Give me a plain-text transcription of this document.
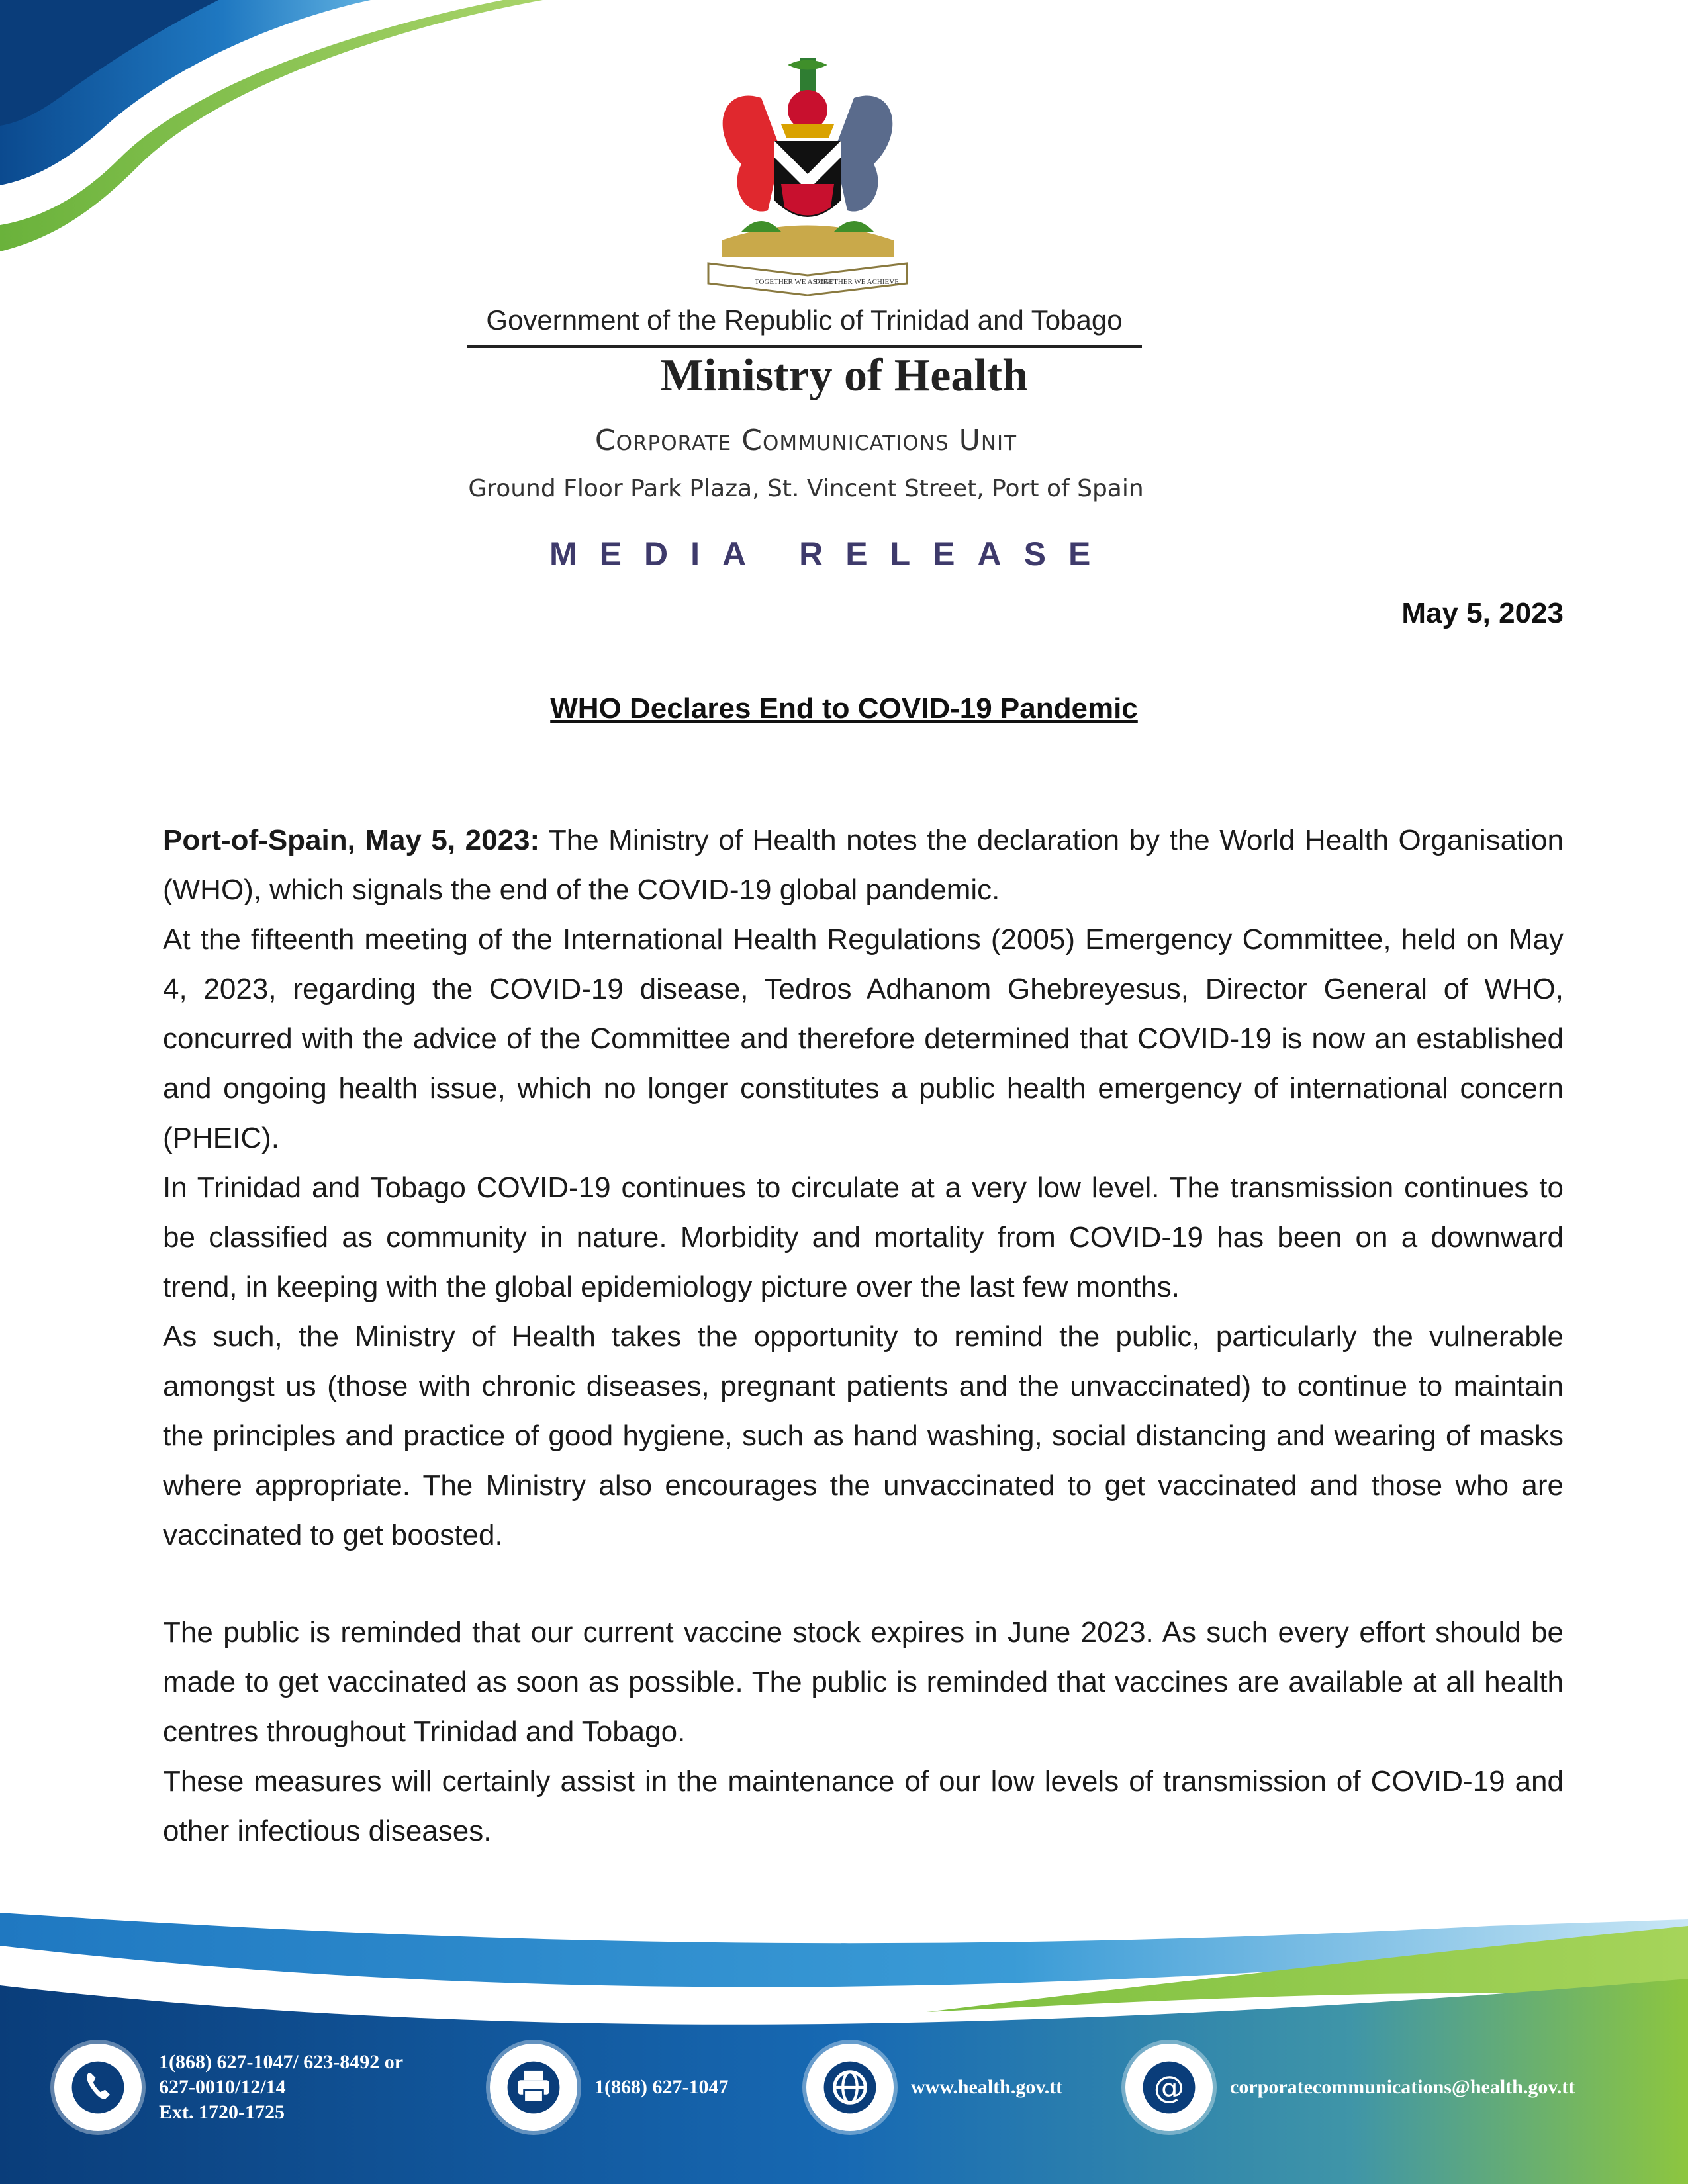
TOGETHER WE ASPIRE
TOGETHER WE ACHIEVE
Government of the Republic of Trinidad and Tobago
Ministry of Health
Corporate Communications Unit
Ground Floor Park Plaza, St. Vincent Street, Port of Spain
MEDIA RELEASE
May 5, 2023
WHO Declares End to COVID-19 Pandemic

Port-of-Spain, May 5, 2023: The Ministry of Health notes the declaration by the World Health Organisation (WHO), which signals the end of the COVID-19 global pandemic.

At the fifteenth meeting of the International Health Regulations (2005) Emergency Committee, held on May 4, 2023, regarding the COVID-19 disease, Tedros Adhanom Ghebreyesus, Director General of WHO, concurred with the advice of the Committee and therefore determined that COVID-19 is now an established and ongoing health issue, which no longer constitutes a public health emergency of international concern (PHEIC).

In Trinidad and Tobago COVID-19 continues to circulate at a very low level. The transmission continues to be classified as community in nature. Morbidity and mortality from COVID-19 has been on a downward trend, in keeping with the global epidemiology picture over the last few months.

As such, the Ministry of Health takes the opportunity to remind the public, particularly the vulnerable amongst us (those with chronic diseases, pregnant patients and the unvaccinated) to continue to maintain the principles and practice of good hygiene, such as hand washing, social distancing and wearing of masks where appropriate. The Ministry also encourages the unvaccinated to get vaccinated and those who are vaccinated to get boosted.

The public is reminded that our current vaccine stock expires in June 2023. As such every effort should be made to get vaccinated as soon as possible. The public is reminded that vaccines are available at all health centres throughout Trinidad and Tobago.

These measures will certainly assist in the maintenance of our low levels of transmission of COVID-19 and other infectious diseases.

1(868) 627-1047/ 623-8492 or
627-0010/12/14
Ext. 1720-1725
1(868) 627-1047	www.health.gov.tt	@ corporatecommunications@health.gov.tt
